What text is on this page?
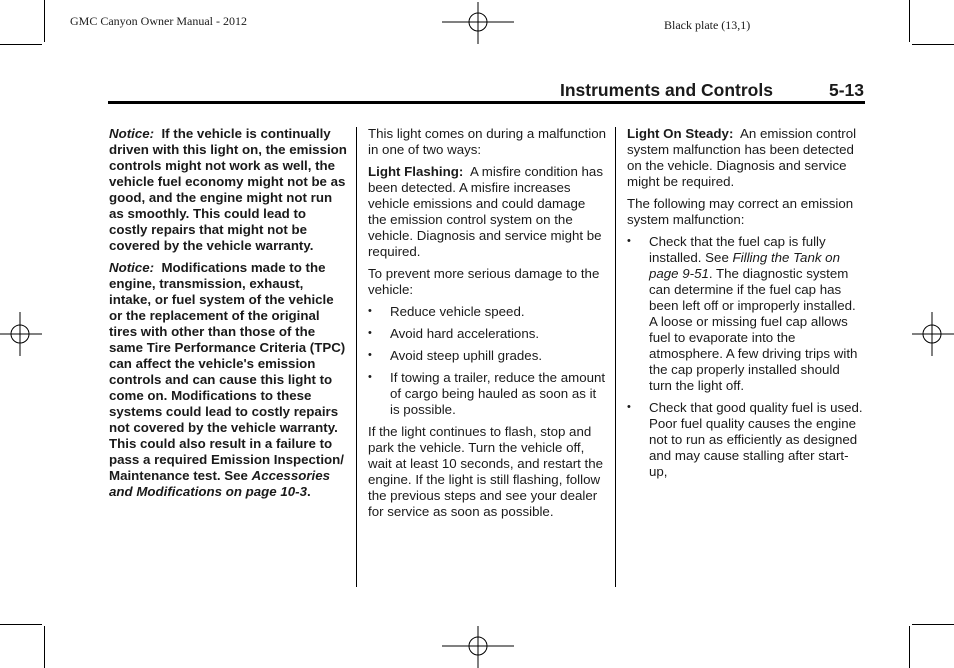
GMC Canyon Owner Manual - 2012	Black plate (13,1)
Instruments and Controls	5-13

Notice: If the vehicle is continually driven with this light on, the emission controls might not work as well, the vehicle fuel economy might not be as good, and the engine might not run as smoothly. This could lead to costly repairs that might not be covered by the vehicle warranty.

Notice: Modifications made to the engine, transmission, exhaust, intake, or fuel system of the vehicle or the replacement of the original tires with other than those of the same Tire Performance Criteria (TPC) can affect the vehicle's emission controls and can cause this light to come on. Modifications to these systems could lead to costly repairs not covered by the vehicle warranty. This could also result in a failure to pass a required Emission Inspection/ Maintenance test. See Accessories and Modifications on page 10-3.

This light comes on during a malfunction in one of two ways:

Light Flashing: A misfire condition has been detected. A misfire increases vehicle emissions and could damage the emission control system on the vehicle. Diagnosis and service might be required.

To prevent more serious damage to the vehicle:

• Reduce vehicle speed.
• Avoid hard accelerations.
• Avoid steep uphill grades.
• If towing a trailer, reduce the amount of cargo being hauled as soon as it is possible.

If the light continues to flash, stop and park the vehicle. Turn the vehicle off, wait at least 10 seconds, and restart the engine. If the light is still flashing, follow the previous steps and see your dealer for service as soon as possible.

Light On Steady: An emission control system malfunction has been detected on the vehicle. Diagnosis and service might be required.

The following may correct an emission system malfunction:

• Check that the fuel cap is fully installed. See Filling the Tank on page 9-51. The diagnostic system can determine if the fuel cap has been left off or improperly installed. A loose or missing fuel cap allows fuel to evaporate into the atmosphere. A few driving trips with the cap properly installed should turn the light off.
• Check that good quality fuel is used. Poor fuel quality causes the engine not to run as efficiently as designed and may cause stalling after start-up,
